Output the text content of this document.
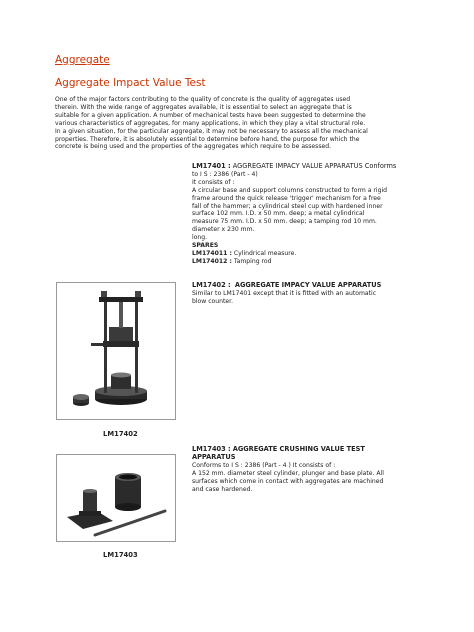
Aggregate
Aggregate Impact Value Test
One of the major factors contributing to the quality of concrete is the quality of aggregates used
therein. With the wide range of aggregates available, it is essential to select an aggregate that is
suitable for a given application. A number of mechanical tests have been suggested to determine the
various characteristics of aggregates, for many applications, in which they play a vital structural role.
In a given situation, for the particular aggregate, it may not be necessary to assess all the mechanical
properties. Therefore, it is absolutely essential to determine before hand, the purpose for which the
concrete is being used and the properties of the aggregates which require to be assessed.
LM17401 : AGGREGATE IMPACY VALUE APPARATUS Conforms
to I S : 2386 (Part - 4)
It consists of :
A circular base and support columns constructed to form a rigid
frame around the quick release 'trigger' mechanism for a free
fall of the hammer; a cylindrical steel cup with hardened inner
surface 102 mm. I.D. x 50 mm. deep; a metal cylindrical
measure 75 mm. I.D. x 50 mm. deep; a tamping rod 10 mm.
diameter x 230 mm.
long.
SPARES
LM174011 : Cylindrical measure.
LM174012 : Tamping rod
LM17402 : AGGREGATE IMPACY VALUE APPARATUS
Similar to LM17401 except that it is fitted with an automatic
blow counter.
LM17402
LM17403 : AGGREGATE CRUSHING VALUE TEST
APPARATUS
Conforms to I S : 2386 (Part - 4 ) It consists of :
A 152 mm. diameter steel cylinder, plunger and base plate. All
surfaces which come in contact with aggregates are machined
and case hardened.
LM17403
